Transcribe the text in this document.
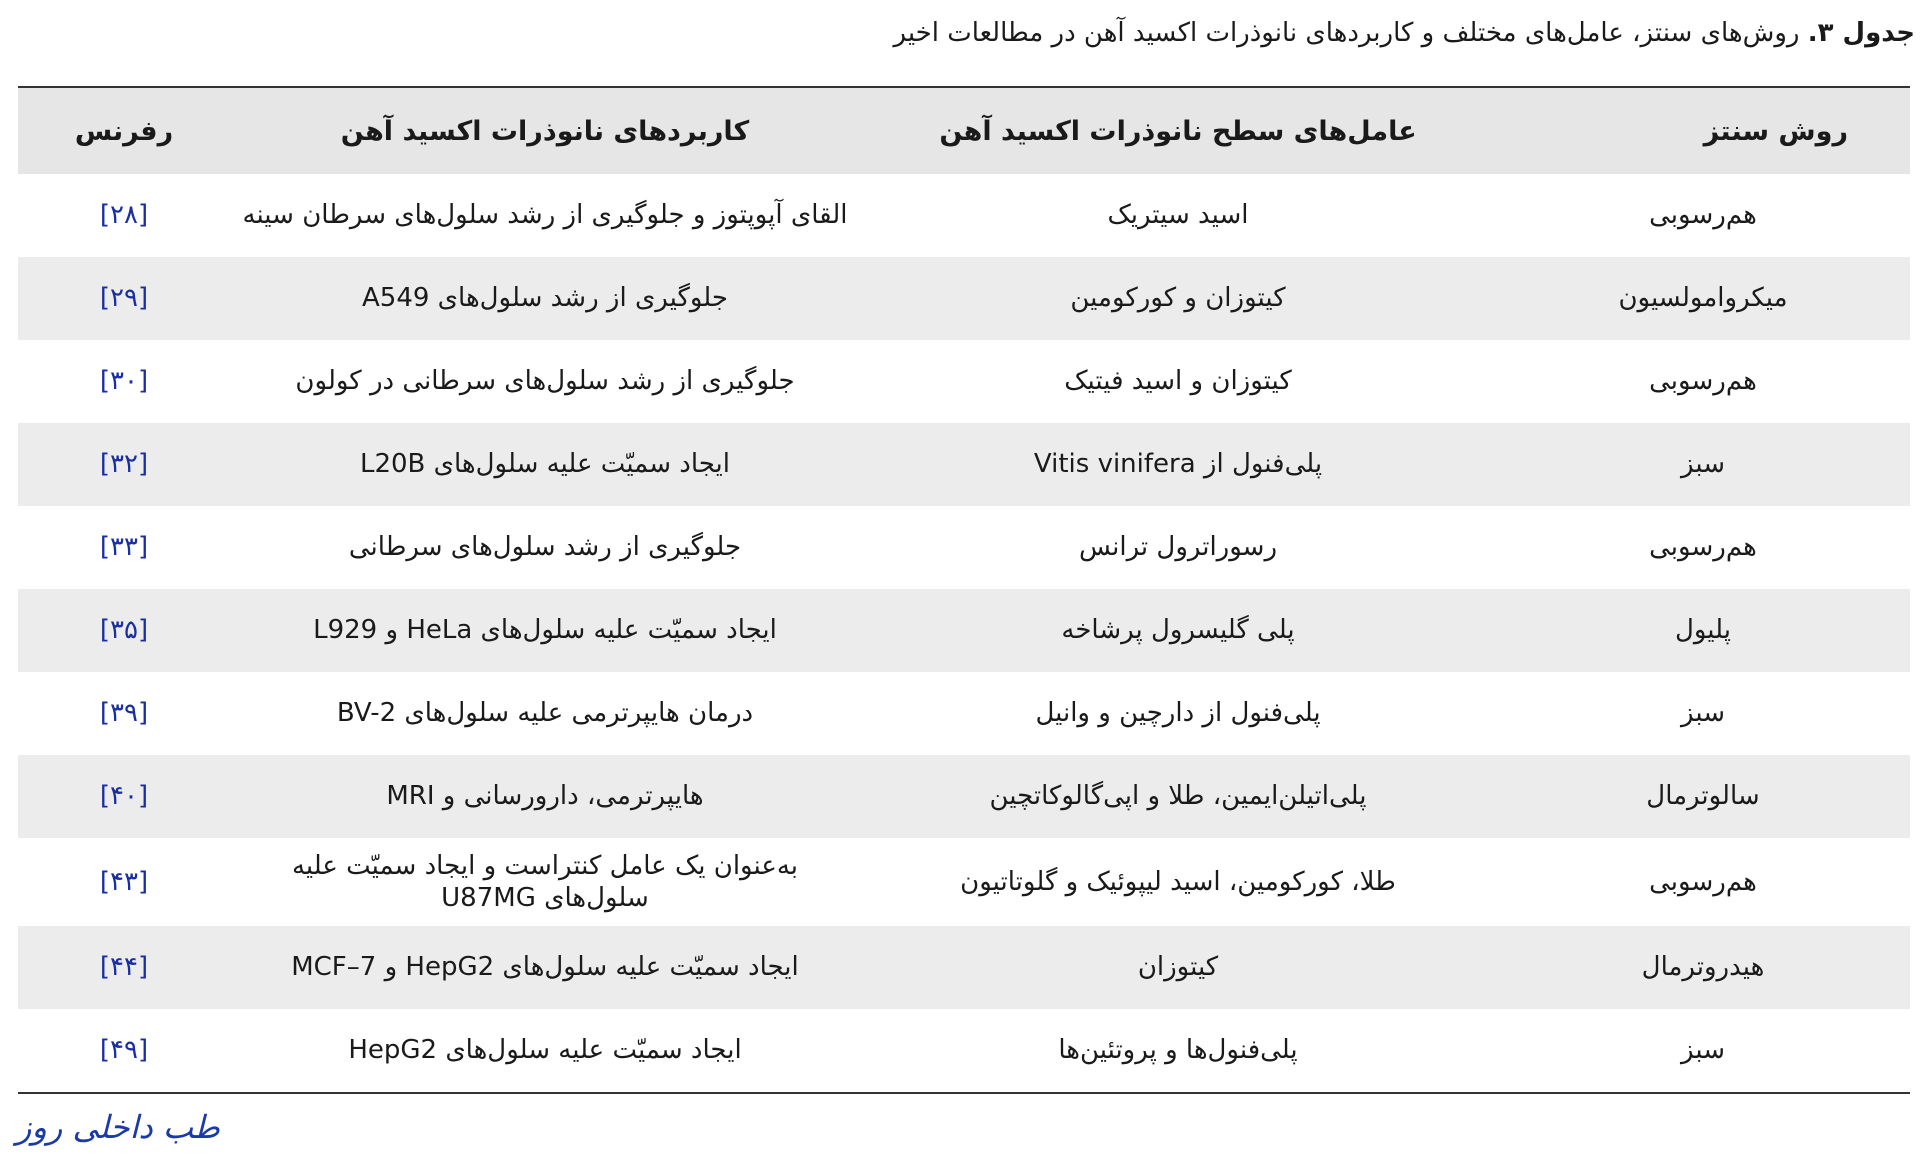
جدول ۳. روش‌های سنتز، عامل‌های مختلف و کاربردهای نانوذرات اکسید آهن در مطالعات اخیر
روش سنتز	عامل‌های سطح نانوذرات اکسید آهن	کاربردهای نانوذرات اکسید آهن	رفرنس
هم‌رسوبی	اسید سیتریک	القای آپوپتوز و جلوگیری از رشد سلول‌های سرطان سینه	[۲۸]
میکروامولسیون	کیتوزان و کورکومین	جلوگیری از رشد سلول‌های A549	[۲۹]
هم‌رسوبی	کیتوزان و اسید فیتیک	جلوگیری از رشد سلول‌های سرطانی در کولون	[۳۰]
سبز	پلی‌فنول از Vitis vinifera	ایجاد سمیّت علیه سلول‌های L20B	[۳۲]
هم‌رسوبی	رسوراترول ترانس	جلوگیری از رشد سلول‌های سرطانی	[۳۳]
پلیول	پلی گلیسرول پرشاخه	ایجاد سمیّت علیه سلول‌های HeLa و L929	[۳۵]
سبز	پلی‌فنول از دارچین و وانیل	درمان هایپرترمی علیه سلول‌های BV-2	[۳۹]
سالوترمال	پلی‌اتیلن‌ایمین، طلا و اپی‌گالوکاتچین	هایپرترمی، دارورسانی و MRI	[۴۰]
هم‌رسوبی	طلا، کورکومین، اسید لیپوئیک و گلوتاتیون	به‌عنوان یک عامل کنتراست و ایجاد سمیّت علیه سلول‌های U87MG	[۴۳]
هیدروترمال	کیتوزان	ایجاد سمیّت علیه سلول‌های HepG2 و MCF–7	[۴۴]
سبز	پلی‌فنول‌ها و پروتئین‌ها	ایجاد سمیّت علیه سلول‌های HepG2	[۴۹]
طب داخلی روز
